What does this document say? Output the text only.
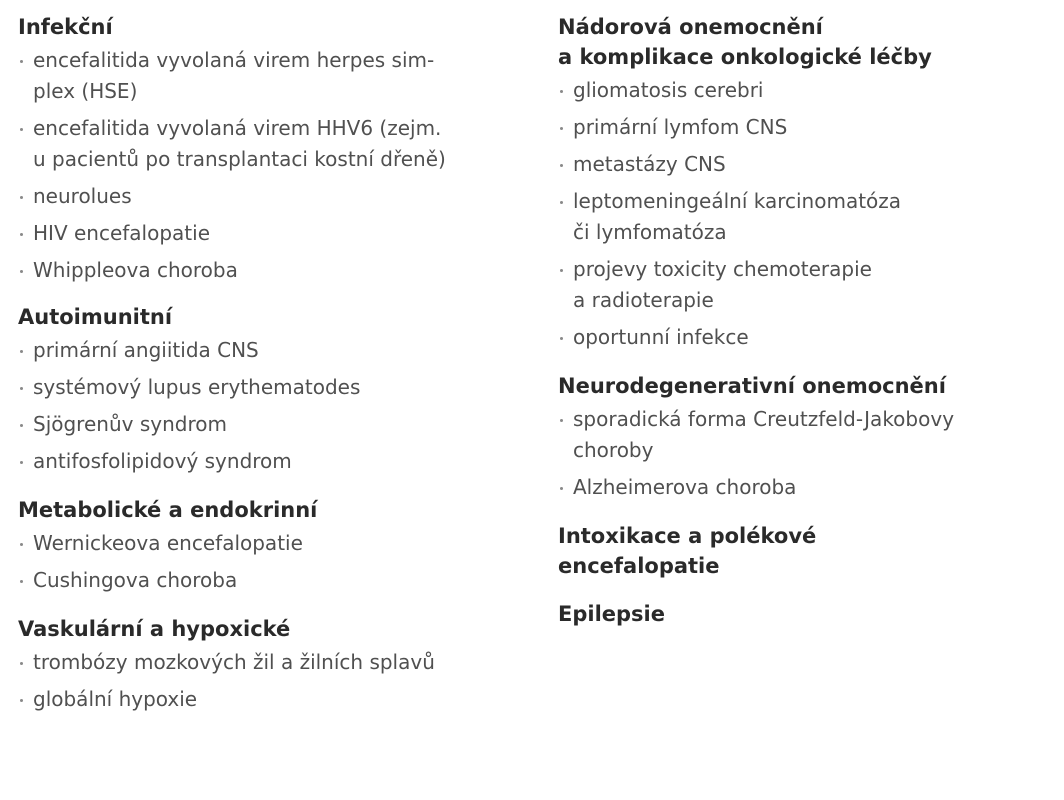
Infekční
encefalitida vyvolaná virem herpes sim-
plex (HSE)
encefalitida vyvolaná virem HHV6 (zejm.
u pacientů po transplantaci kostní dřeně)
neurolues
HIV encefalopatie
Whippleova choroba
Autoimunitní
primární angiitida CNS
systémový lupus erythematodes
Sjögrenův syndrom
antifosfolipidový syndrom
Metabolické a endokrinní
Wernickeova encefalopatie
Cushingova choroba
Vaskulární a hypoxické
trombózy mozkových žil a žilních splavů
globální hypoxie
Nádorová onemocnění
a komplikace onkologické léčby
gliomatosis cerebri
primární lymfom CNS
metastázy CNS
leptomeningeální karcinomatóza
či lymfomatóza
projevy toxicity chemoterapie
a radioterapie
oportunní infekce
Neurodegenerativní onemocnění
sporadická forma Creutzfeld-Jakobovy
choroby
Alzheimerova choroba
Intoxikace a polékové
encefalopatie
Epilepsie
